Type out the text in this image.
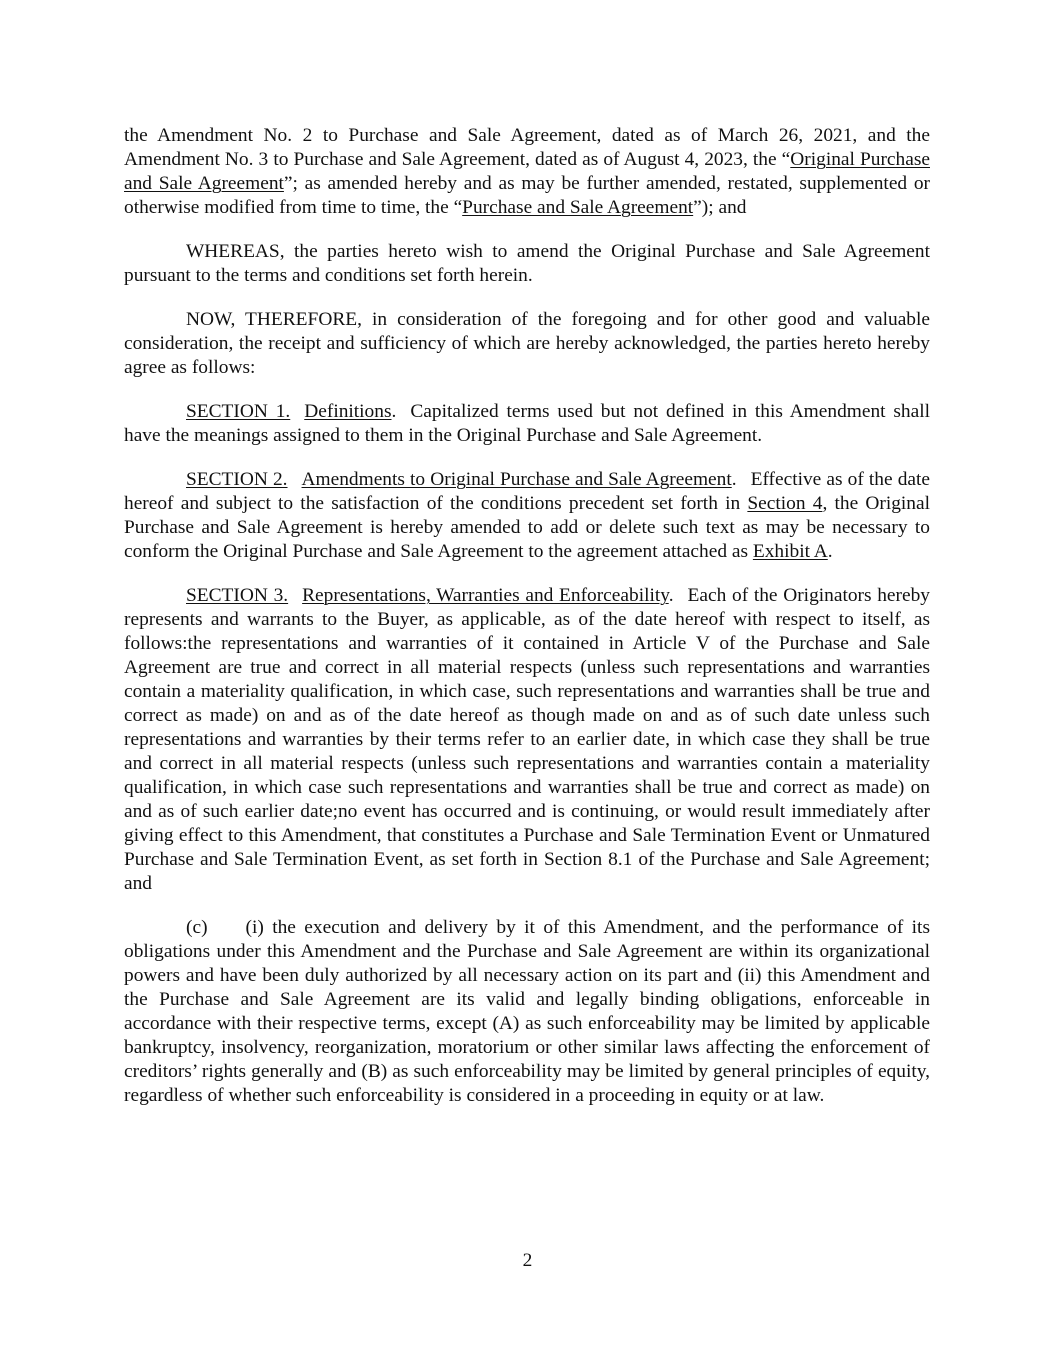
the Amendment No. 2 to Purchase and Sale Agreement, dated as of March 26, 2021, and the Amendment No. 3 to Purchase and Sale Agreement, dated as of August 4, 2023, the “Original Purchase and Sale Agreement”; as amended hereby and as may be further amended, restated, supplemented or otherwise modified from time to time, the “Purchase and Sale Agreement”); and

WHEREAS, the parties hereto wish to amend the Original Purchase and Sale Agreement pursuant to the terms and conditions set forth herein.

NOW, THEREFORE, in consideration of the foregoing and for other good and valuable consideration, the receipt and sufficiency of which are hereby acknowledged, the parties hereto hereby agree as follows:

SECTION 1. Definitions. Capitalized terms used but not defined in this Amendment shall have the meanings assigned to them in the Original Purchase and Sale Agreement.

SECTION 2. Amendments to Original Purchase and Sale Agreement. Effective as of the date hereof and subject to the satisfaction of the conditions precedent set forth in Section 4, the Original Purchase and Sale Agreement is hereby amended to add or delete such text as may be necessary to conform the Original Purchase and Sale Agreement to the agreement attached as Exhibit A.

SECTION 3. Representations, Warranties and Enforceability. Each of the Originators hereby represents and warrants to the Buyer, as applicable, as of the date hereof with respect to itself, as follows:the representations and warranties of it contained in Article V of the Purchase and Sale Agreement are true and correct in all material respects (unless such representations and warranties contain a materiality qualification, in which case, such representations and warranties shall be true and correct as made) on and as of the date hereof as though made on and as of such date unless such representations and warranties by their terms refer to an earlier date, in which case they shall be true and correct in all material respects (unless such representations and warranties contain a materiality qualification, in which case such representations and warranties shall be true and correct as made) on and as of such earlier date;no event has occurred and is continuing, or would result immediately after giving effect to this Amendment, that constitutes a Purchase and Sale Termination Event or Unmatured Purchase and Sale Termination Event, as set forth in Section 8.1 of the Purchase and Sale Agreement; and

(c) (i) the execution and delivery by it of this Amendment, and the performance of its obligations under this Amendment and the Purchase and Sale Agreement are within its organizational powers and have been duly authorized by all necessary action on its part and (ii) this Amendment and the Purchase and Sale Agreement are its valid and legally binding obligations, enforceable in accordance with their respective terms, except (A) as such enforceability may be limited by applicable bankruptcy, insolvency, reorganization, moratorium or other similar laws affecting the enforcement of creditors’ rights generally and (B) as such enforceability may be limited by general principles of equity, regardless of whether such enforceability is considered in a proceeding in equity or at law.

2
